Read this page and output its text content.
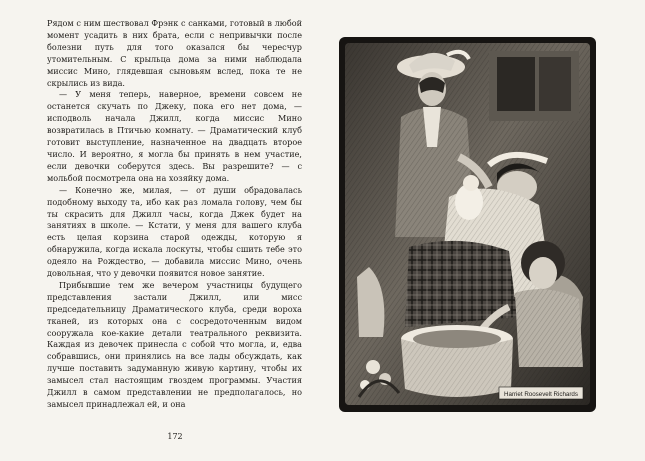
Рядом с ним шествовал Фрэнк с санками, готовый в любой момент усадить в них брата, если с непривычки после болезни путь для того оказался бы чересчур утомительным. С крыльца дома за ними наблюдала миссис Мино, глядевшая сыновьям вслед, пока те не скрылись из вида.

— У меня теперь, наверное, времени совсем не останется скучать по Джеку, пока его нет дома, — исподволь начала Джилл, когда миссис Мино возвратилась в Птичью комнату. — Драматический клуб готовит выступление, назначенное на двадцать второе число. И вероятно, я могла бы принять в нем участие, если девочки соберутся здесь. Вы разрешите? — с мольбой посмотрела она на хозяйку дома.

— Конечно же, милая, — от души обрадовалась подобному выходу та, ибо как раз ломала голову, чем бы ты скрасить для Джилл часы, когда Джек будет на занятиях в школе. — Кстати, у меня для вашего клуба есть целая корзина старой одежды, которую я обнаружила, когда искала лоскуты, чтобы сшить тебе это одеяло на Рождество, — добавила миссис Мино, очень довольная, что у девочки появится новое занятие.

Прибывшие тем же вечером участницы будущего представления застали Джилл, или мисс председательницу Драматического клуба, среди вороха тканей, из которых она с сосредоточенным видом сооружала кое-какие детали театрального реквизита. Каждая из девочек принесла с собой что могла, и, едва собравшись, они принялись на все лады обсуждать, как лучше поставить задуманную живую картину, чтобы их замысел стал настоящим гвоздем программы. Участия Джилл в самом представлении не предполагалось, но замысел принадлежал ей, и она

172
Harriet Roosevelt Richards
